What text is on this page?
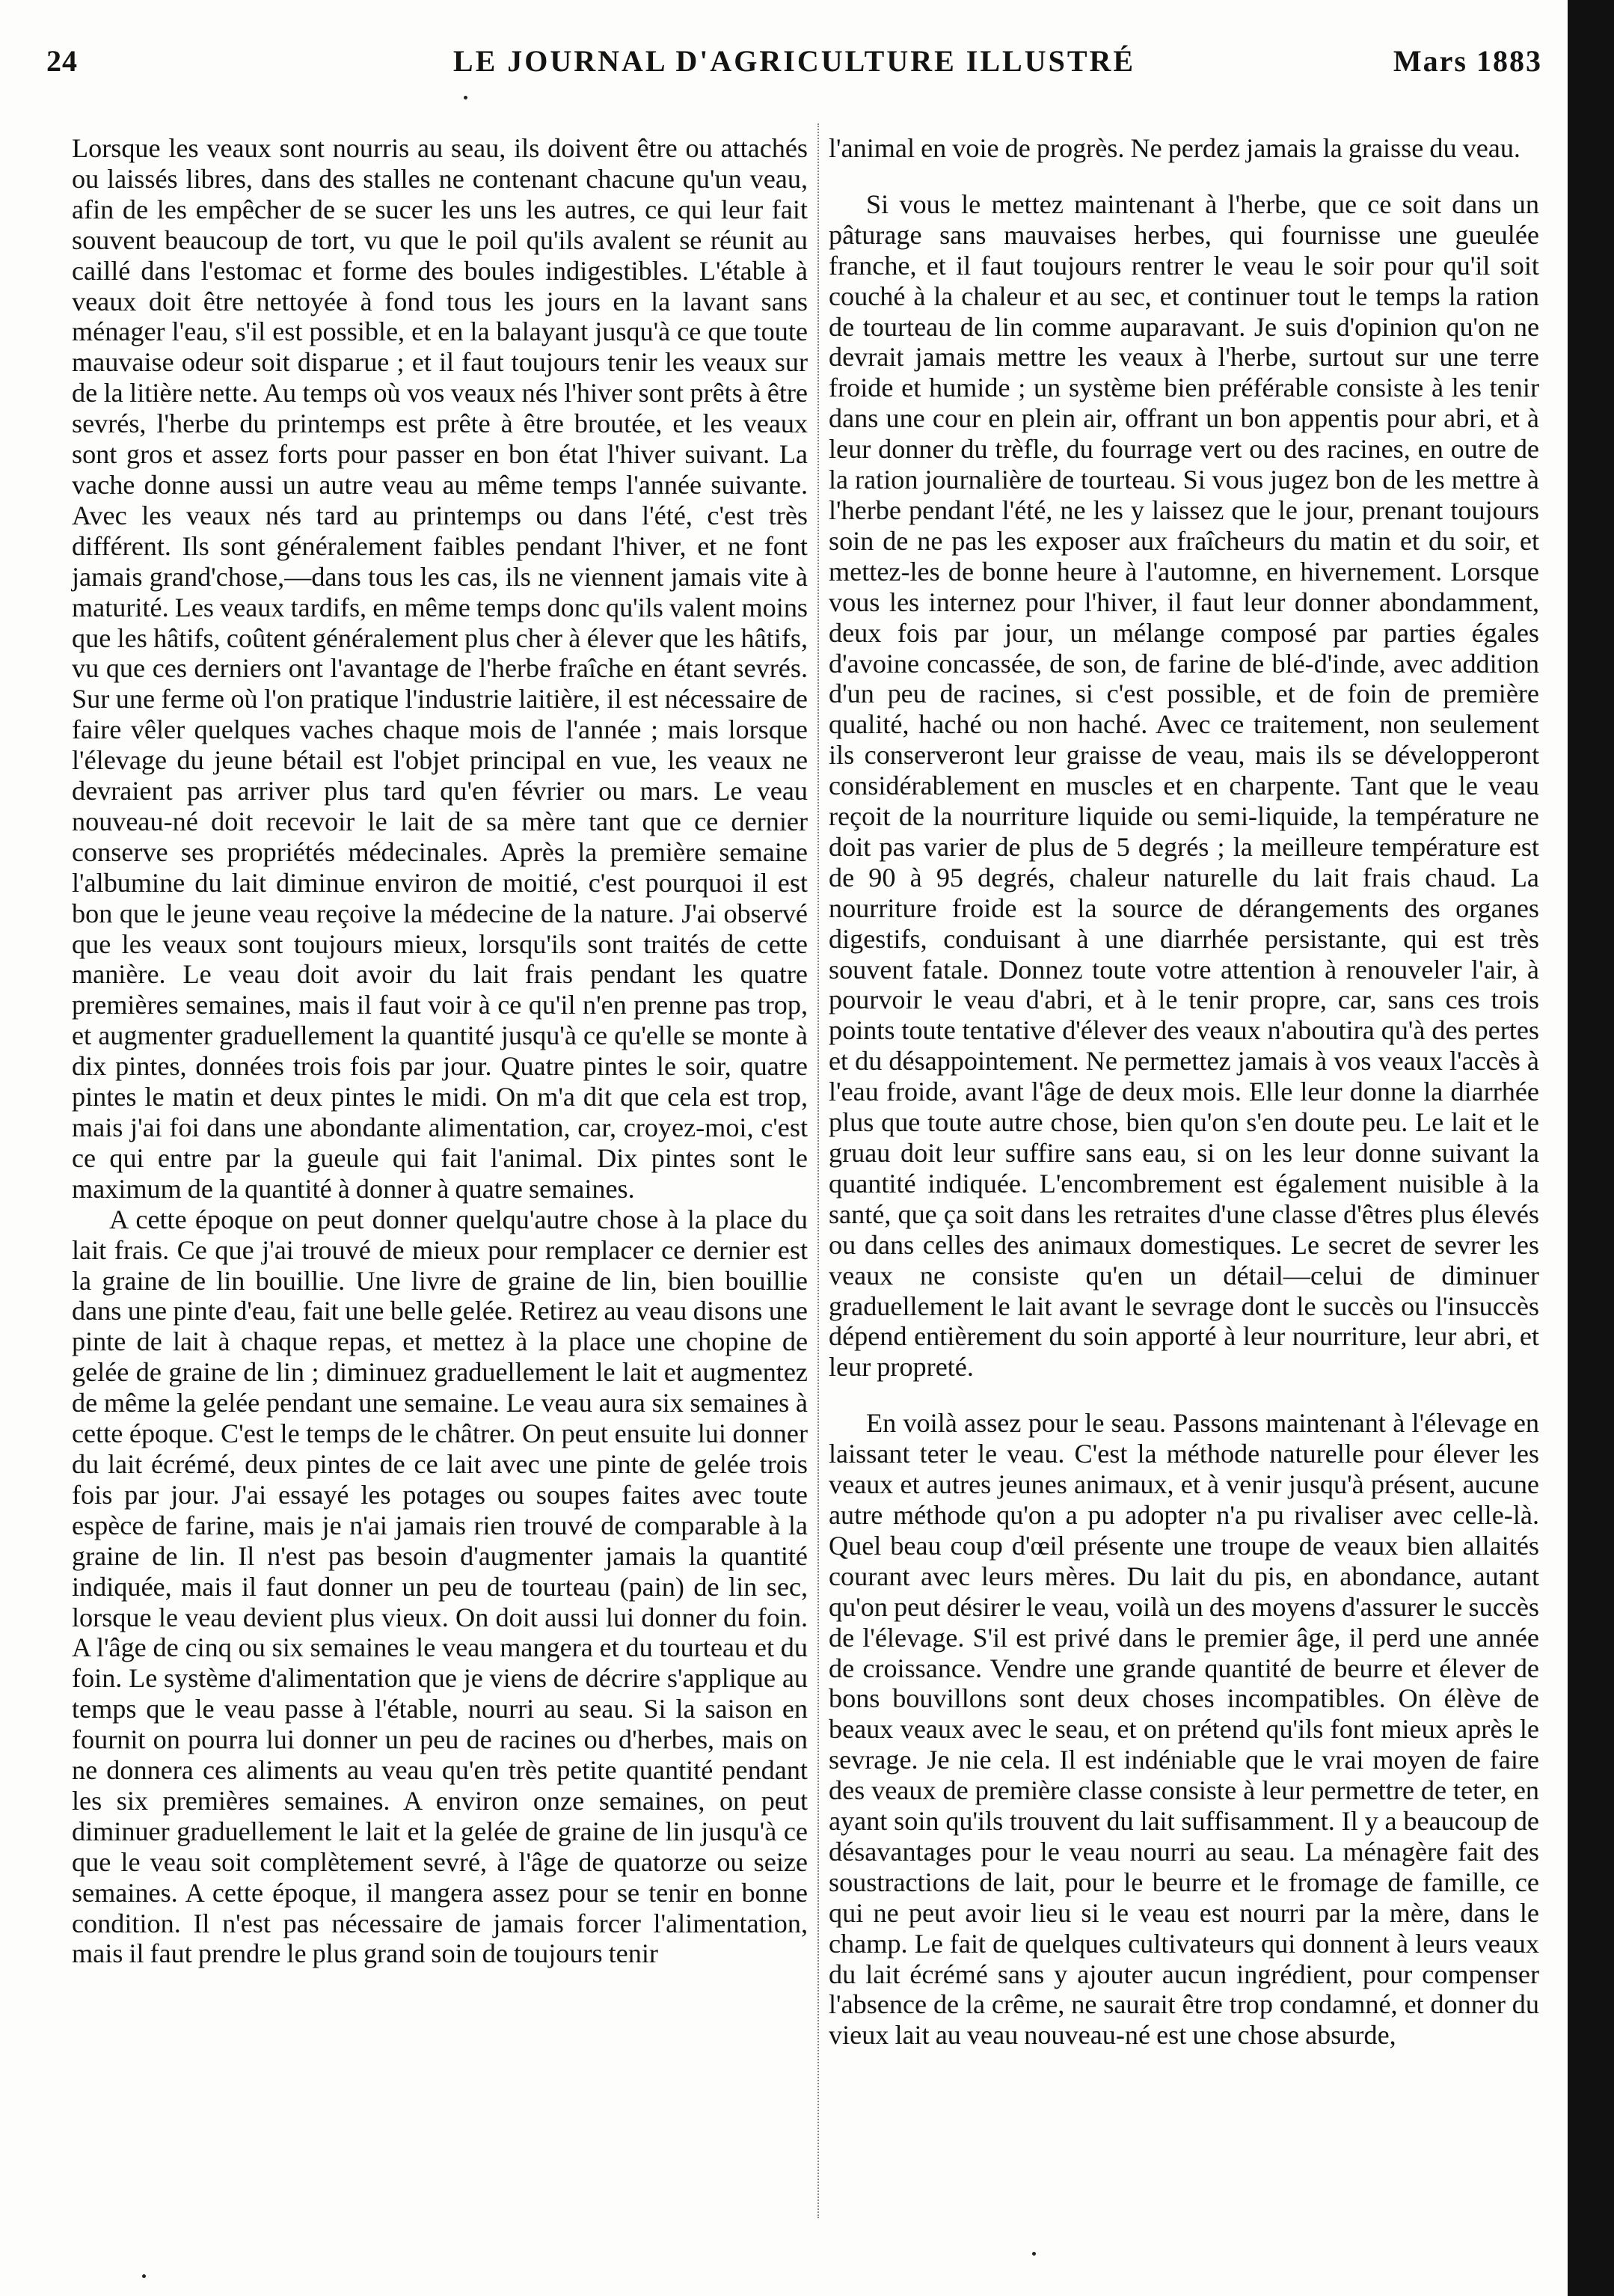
24	LE JOURNAL D'AGRICULTURE ILLUSTRÉ	Mars 1883

Lorsque les veaux sont nourris au seau, ils doivent être ou attachés ou laissés libres, dans des stalles ne contenant chacune qu'un veau, afin de les empêcher de se sucer les uns les autres, ce qui leur fait souvent beaucoup de tort, vu que le poil qu'ils avalent se réunit au caillé dans l'estomac et forme des boules indigestibles. L'étable à veaux doit être nettoyée à fond tous les jours en la lavant sans ménager l'eau, s'il est possible, et en la balayant jusqu'à ce que toute mauvaise odeur soit disparue ; et il faut toujours tenir les veaux sur de la litière nette. Au temps où vos veaux nés l'hiver sont prêts à être sevrés, l'herbe du printemps est prête à être broutée, et les veaux sont gros et assez forts pour passer en bon état l'hiver suivant. La vache donne aussi un autre veau au même temps l'année suivante. Avec les veaux nés tard au printemps ou dans l'été, c'est très différent. Ils sont généralement faibles pendant l'hiver, et ne font jamais grand'chose,—dans tous les cas, ils ne viennent jamais vite à maturité. Les veaux tardifs, en même temps donc qu'ils valent moins que les hâtifs, coûtent généralement plus cher à élever que les hâtifs, vu que ces derniers ont l'avantage de l'herbe fraîche en étant sevrés. Sur une ferme où l'on pratique l'industrie laitière, il est nécessaire de faire vêler quelques vaches chaque mois de l'année ; mais lorsque l'élevage du jeune bétail est l'objet principal en vue, les veaux ne devraient pas arriver plus tard qu'en février ou mars. Le veau nouveau-né doit recevoir le lait de sa mère tant que ce dernier conserve ses propriétés médecinales. Après la première semaine l'albumine du lait diminue environ de moitié, c'est pourquoi il est bon que le jeune veau reçoive la médecine de la nature. J'ai observé que les veaux sont toujours mieux, lorsqu'ils sont traités de cette manière. Le veau doit avoir du lait frais pendant les quatre premières semaines, mais il faut voir à ce qu'il n'en prenne pas trop, et augmenter graduellement la quantité jusqu'à ce qu'elle se monte à dix pintes, données trois fois par jour. Quatre pintes le soir, quatre pintes le matin et deux pintes le midi. On m'a dit que cela est trop, mais j'ai foi dans une abondante alimentation, car, croyez-moi, c'est ce qui entre par la gueule qui fait l'animal. Dix pintes sont le maximum de la quantité à donner à quatre semaines.

A cette époque on peut donner quelqu'autre chose à la place du lait frais. Ce que j'ai trouvé de mieux pour remplacer ce dernier est la graine de lin bouillie. Une livre de graine de lin, bien bouillie dans une pinte d'eau, fait une belle gelée. Retirez au veau disons une pinte de lait à chaque repas, et mettez à la place une chopine de gelée de graine de lin ; diminuez graduellement le lait et augmentez de même la gelée pendant une semaine. Le veau aura six semaines à cette époque. C'est le temps de le châtrer. On peut ensuite lui donner du lait écrémé, deux pintes de ce lait avec une pinte de gelée trois fois par jour. J'ai essayé les potages ou soupes faites avec toute espèce de farine, mais je n'ai jamais rien trouvé de comparable à la graine de lin. Il n'est pas besoin d'augmenter jamais la quantité indiquée, mais il faut donner un peu de tourteau (pain) de lin sec, lorsque le veau devient plus vieux. On doit aussi lui donner du foin. A l'âge de cinq ou six semaines le veau mangera et du tourteau et du foin. Le système d'alimentation que je viens de décrire s'applique au temps que le veau passe à l'étable, nourri au seau. Si la saison en fournit on pourra lui donner un peu de racines ou d'herbes, mais on ne donnera ces aliments au veau qu'en très petite quantité pendant les six premières semaines. A environ onze semaines, on peut diminuer graduellement le lait et la gelée de graine de lin jusqu'à ce que le veau soit complètement sevré, à l'âge de quatorze ou seize semaines. A cette époque, il mangera assez pour se tenir en bonne condition. Il n'est pas nécessaire de jamais forcer l'alimentation, mais il faut prendre le plus grand soin de toujours tenir

l'animal en voie de progrès. Ne perdez jamais la graisse du veau.

Si vous le mettez maintenant à l'herbe, que ce soit dans un pâturage sans mauvaises herbes, qui fournisse une gueulée franche, et il faut toujours rentrer le veau le soir pour qu'il soit couché à la chaleur et au sec, et continuer tout le temps la ration de tourteau de lin comme auparavant. Je suis d'opinion qu'on ne devrait jamais mettre les veaux à l'herbe, surtout sur une terre froide et humide ; un système bien préférable consiste à les tenir dans une cour en plein air, offrant un bon appentis pour abri, et à leur donner du trèfle, du fourrage vert ou des racines, en outre de la ration journalière de tourteau. Si vous jugez bon de les mettre à l'herbe pendant l'été, ne les y laissez que le jour, prenant toujours soin de ne pas les exposer aux fraîcheurs du matin et du soir, et mettez-les de bonne heure à l'automne, en hivernement. Lorsque vous les internez pour l'hiver, il faut leur donner abondamment, deux fois par jour, un mélange composé par parties égales d'avoine concassée, de son, de farine de blé-d'inde, avec addition d'un peu de racines, si c'est possible, et de foin de première qualité, haché ou non haché. Avec ce traitement, non seulement ils conserveront leur graisse de veau, mais ils se développeront considérablement en muscles et en charpente. Tant que le veau reçoit de la nourriture liquide ou semi-liquide, la température ne doit pas varier de plus de 5 degrés ; la meilleure température est de 90 à 95 degrés, chaleur naturelle du lait frais chaud. La nourriture froide est la source de dérangements des organes digestifs, conduisant à une diarrhée persistante, qui est très souvent fatale. Donnez toute votre attention à renouveler l'air, à pourvoir le veau d'abri, et à le tenir propre, car, sans ces trois points toute tentative d'élever des veaux n'aboutira qu'à des pertes et du désappointement. Ne permettez jamais à vos veaux l'accès à l'eau froide, avant l'âge de deux mois. Elle leur donne la diarrhée plus que toute autre chose, bien qu'on s'en doute peu. Le lait et le gruau doit leur suffire sans eau, si on les leur donne suivant la quantité indiquée. L'encombrement est également nuisible à la santé, que ça soit dans les retraites d'une classe d'êtres plus élevés ou dans celles des animaux domestiques. Le secret de sevrer les veaux ne consiste qu'en un détail—celui de diminuer graduellement le lait avant le sevrage dont le succès ou l'insuccès dépend entièrement du soin apporté à leur nourriture, leur abri, et leur propreté.

En voilà assez pour le seau. Passons maintenant à l'élevage en laissant teter le veau. C'est la méthode naturelle pour élever les veaux et autres jeunes animaux, et à venir jusqu'à présent, aucune autre méthode qu'on a pu adopter n'a pu rivaliser avec celle-là. Quel beau coup d'œil présente une troupe de veaux bien allaités courant avec leurs mères. Du lait du pis, en abondance, autant qu'on peut désirer le veau, voilà un des moyens d'assurer le succès de l'élevage. S'il est privé dans le premier âge, il perd une année de croissance. Vendre une grande quantité de beurre et élever de bons bouvillons sont deux choses incompatibles. On élève de beaux veaux avec le seau, et on prétend qu'ils font mieux après le sevrage. Je nie cela. Il est indéniable que le vrai moyen de faire des veaux de première classe consiste à leur permettre de teter, en ayant soin qu'ils trouvent du lait suffisamment. Il y a beaucoup de désavantages pour le veau nourri au seau. La ménagère fait des soustractions de lait, pour le beurre et le fromage de famille, ce qui ne peut avoir lieu si le veau est nourri par la mère, dans le champ. Le fait de quelques cultivateurs qui donnent à leurs veaux du lait écrémé sans y ajouter aucun ingrédient, pour compenser l'absence de la crême, ne saurait être trop condamné, et donner du vieux lait au veau nouveau-né est une chose absurde,
